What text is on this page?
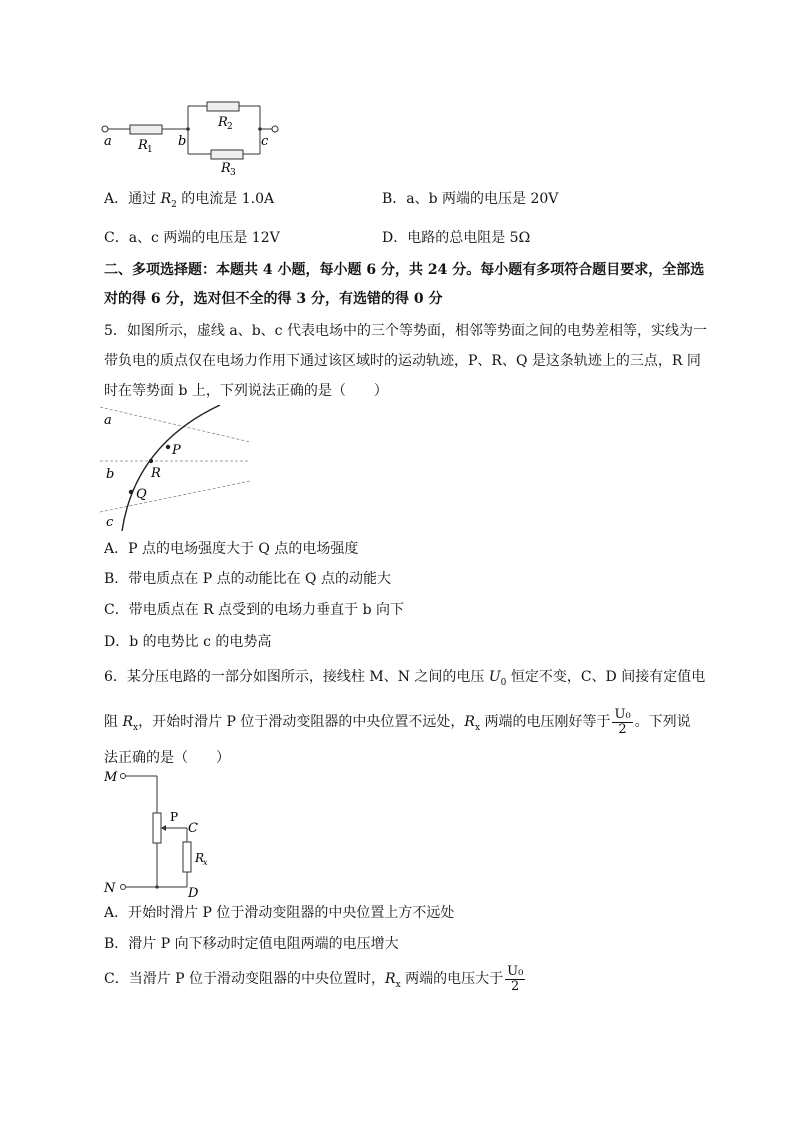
a	b	c
R 1
R 2
R 3
A．通过 $R_2$ 的电流是 1.0A	B．a、b 两端的电压是 20V
C．a、c 两端的电压是 12V	D．电路的总电阻是 5Ω
二、多项选择题：本题共 4 小题，每小题 6 分，共 24 分。每小题有多项符合题目要求，全部选
对的得 6 分，选对但不全的得 3 分，有选错的得 0 分
5．如图所示，虚线 a、b、c 代表电场中的三个等势面，相邻等势面之间的电势差相等，实线为一
带负电的质点仅在电场力作用下通过该区域时的运动轨迹，P、R、Q 是这条轨迹上的三点，R 同
时在等势面 b 上，下列说法正确的是（　　）
a
b
c
P
R
Q
A．P 点的电场强度大于 Q 点的电场强度
B．带电质点在 P 点的动能比在 Q 点的动能大
C．带电质点在 R 点受到的电场力垂直于 b 向下
D．b 的电势比 c 的电势高
6．某分压电路的一部分如图所示，接线柱 M、N 之间的电压 $U_0$ 恒定不变，C、D 间接有定值电
阻 $R_x$，开始时滑片 P 位于滑动变阻器的中央位置不远处，$R_x$ 两端的电压刚好等于 $\frac{\text{U₀}}{2}$ 。下列说
法正确的是（　　）
M
N
P
C
R
x
D
A．开始时滑片 P 位于滑动变阻器的中央位置上方不远处
B．滑片 P 向下移动时定值电阻两端的电压增大
C．当滑片 P 位于滑动变阻器的中央位置时，$R_x$ 两端的电压大于 $\frac{\text{U₀}}{2}$
